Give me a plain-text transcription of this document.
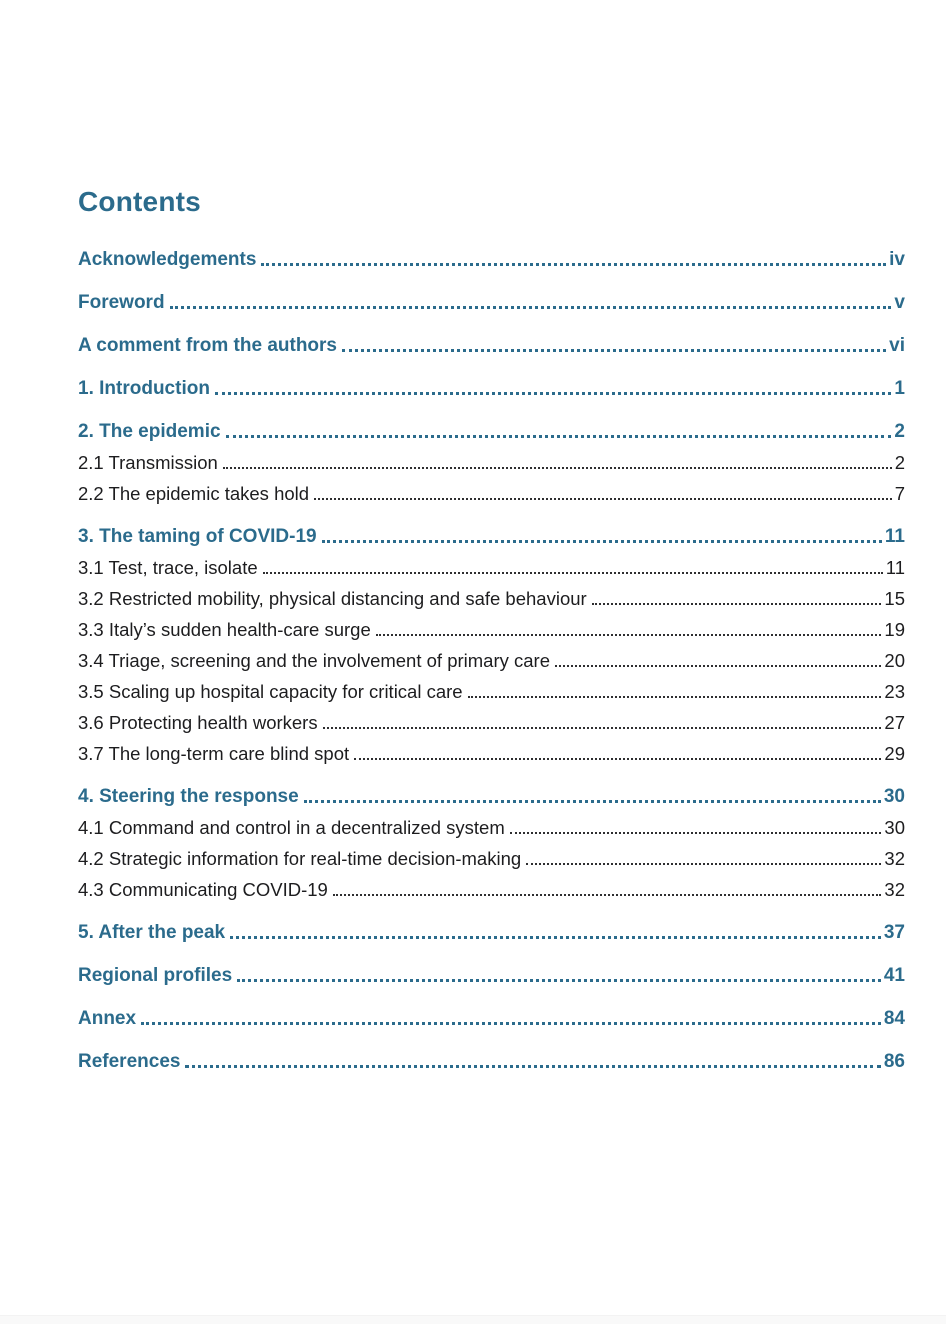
Contents
Acknowledgements	iv
Foreword	v
A comment from the authors	vi
1. Introduction	1
2. The epidemic	2
2.1 Transmission	2
2.2 The epidemic takes hold	7
3. The taming of COVID-19	11
3.1 Test, trace, isolate	11
3.2 Restricted mobility, physical distancing and safe behaviour	15
3.3 Italy’s sudden health-care surge	19
3.4 Triage, screening and the involvement of primary care	20
3.5 Scaling up hospital capacity for critical care	23
3.6 Protecting health workers	27
3.7 The long-term care blind spot	29
4. Steering the response	30
4.1 Command and control in a decentralized system	30
4.2 Strategic information for real-time decision-making	32
4.3 Communicating COVID-19	32
5. After the peak	37
Regional profiles	41
Annex	84
References	86
